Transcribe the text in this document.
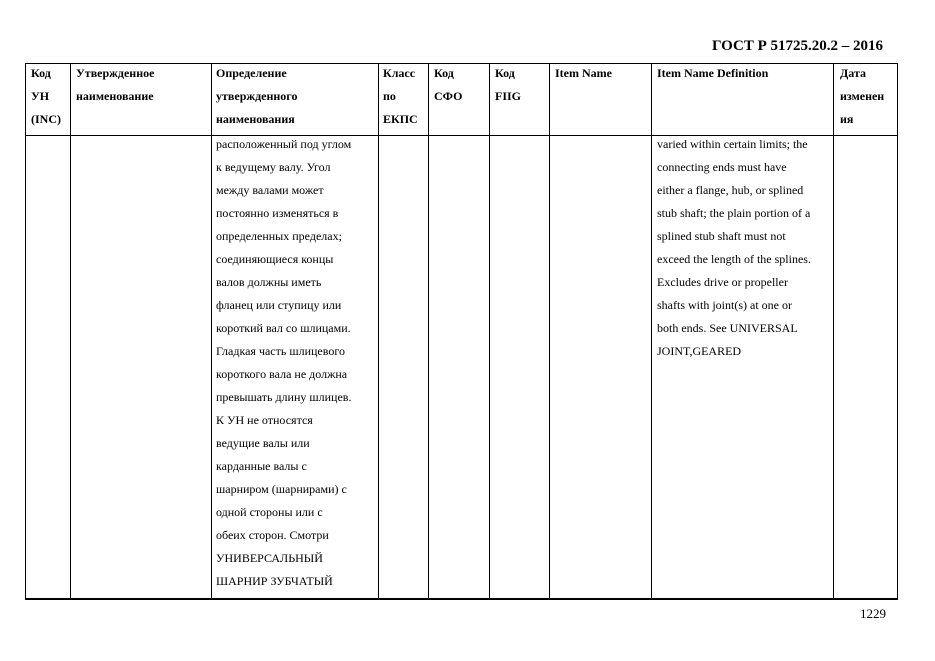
ГОСТ Р 51725.20.2 – 2016
Код
УН
(INC)
Утвержденное
наименование
Определение
утвержденного
наименования
Класс
по
ЕКПС
Код
СФО
Код
FIIG
Item Name	Item Name Definition	Дата
изменен
ия
расположенный под углом
к ведущему валу. Угол
между валами может
постоянно изменяться в
определенных пределах;
соединяющиеся концы
валов должны иметь
фланец или ступицу или
короткий вал со шлицами.
Гладкая часть шлицевого
короткого вала не должна
превышать длину шлицев.
К УН не относятся
ведущие валы или
карданные валы с
шарниром (шарнирами) с
одной стороны или с
обеих сторон. Смотри
УНИВЕРСАЛЬНЫЙ
ШАРНИР ЗУБЧАТЫЙ
varied within certain limits; the
connecting ends must have
either a flange, hub, or splined
stub shaft; the plain portion of a
splined stub shaft must not
exceed the length of the splines.
Excludes drive or propeller
shafts with joint(s) at one or
both ends. See UNIVERSAL
JOINT,GEARED
1229
